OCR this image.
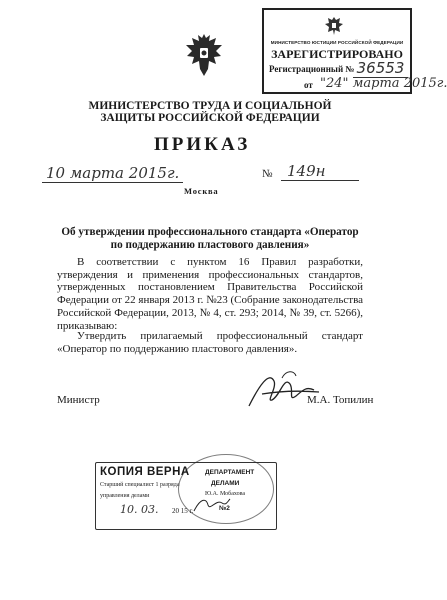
МИНИСТЕРСТВО ЮСТИЦИИ РОССИЙСКОЙ ФЕДЕРАЦИИ
ЗАРЕГИСТРИРОВАНО
Регистрационный № 36553
от "24" марта 2015г.
МИНИСТЕРСТВО ТРУДА И СОЦИАЛЬНОЙ ЗАЩИТЫ РОССИЙСКОЙ ФЕДЕРАЦИИ
ПРИКАЗ
10 марта 2015г.	№ 149н
Москва
Об утверждении профессионального стандарта «Оператор по поддержанию пластового давления»
В соответствии с пунктом 16 Правил разработки, утверждения и применения профессиональных стандартов, утвержденных постановлением Правительства Российской Федерации от 22 января 2013 г. №23 (Собрание законодательства Российской Федерации, 2013, № 4, ст. 293; 2014, № 39, ст. 5266), приказываю:
Утвердить прилагаемый профессиональный стандарт «Оператор по поддержанию пластового давления».
Министр	М.А. Топилин
КОПИЯ ВЕРНА
Старший специалист 1 разряда
управления делами
10. 03. 20 15 г.
ДЕПАРТАМЕНТ
ДЕЛАМИ
Ю.А. Мобахова
№2
